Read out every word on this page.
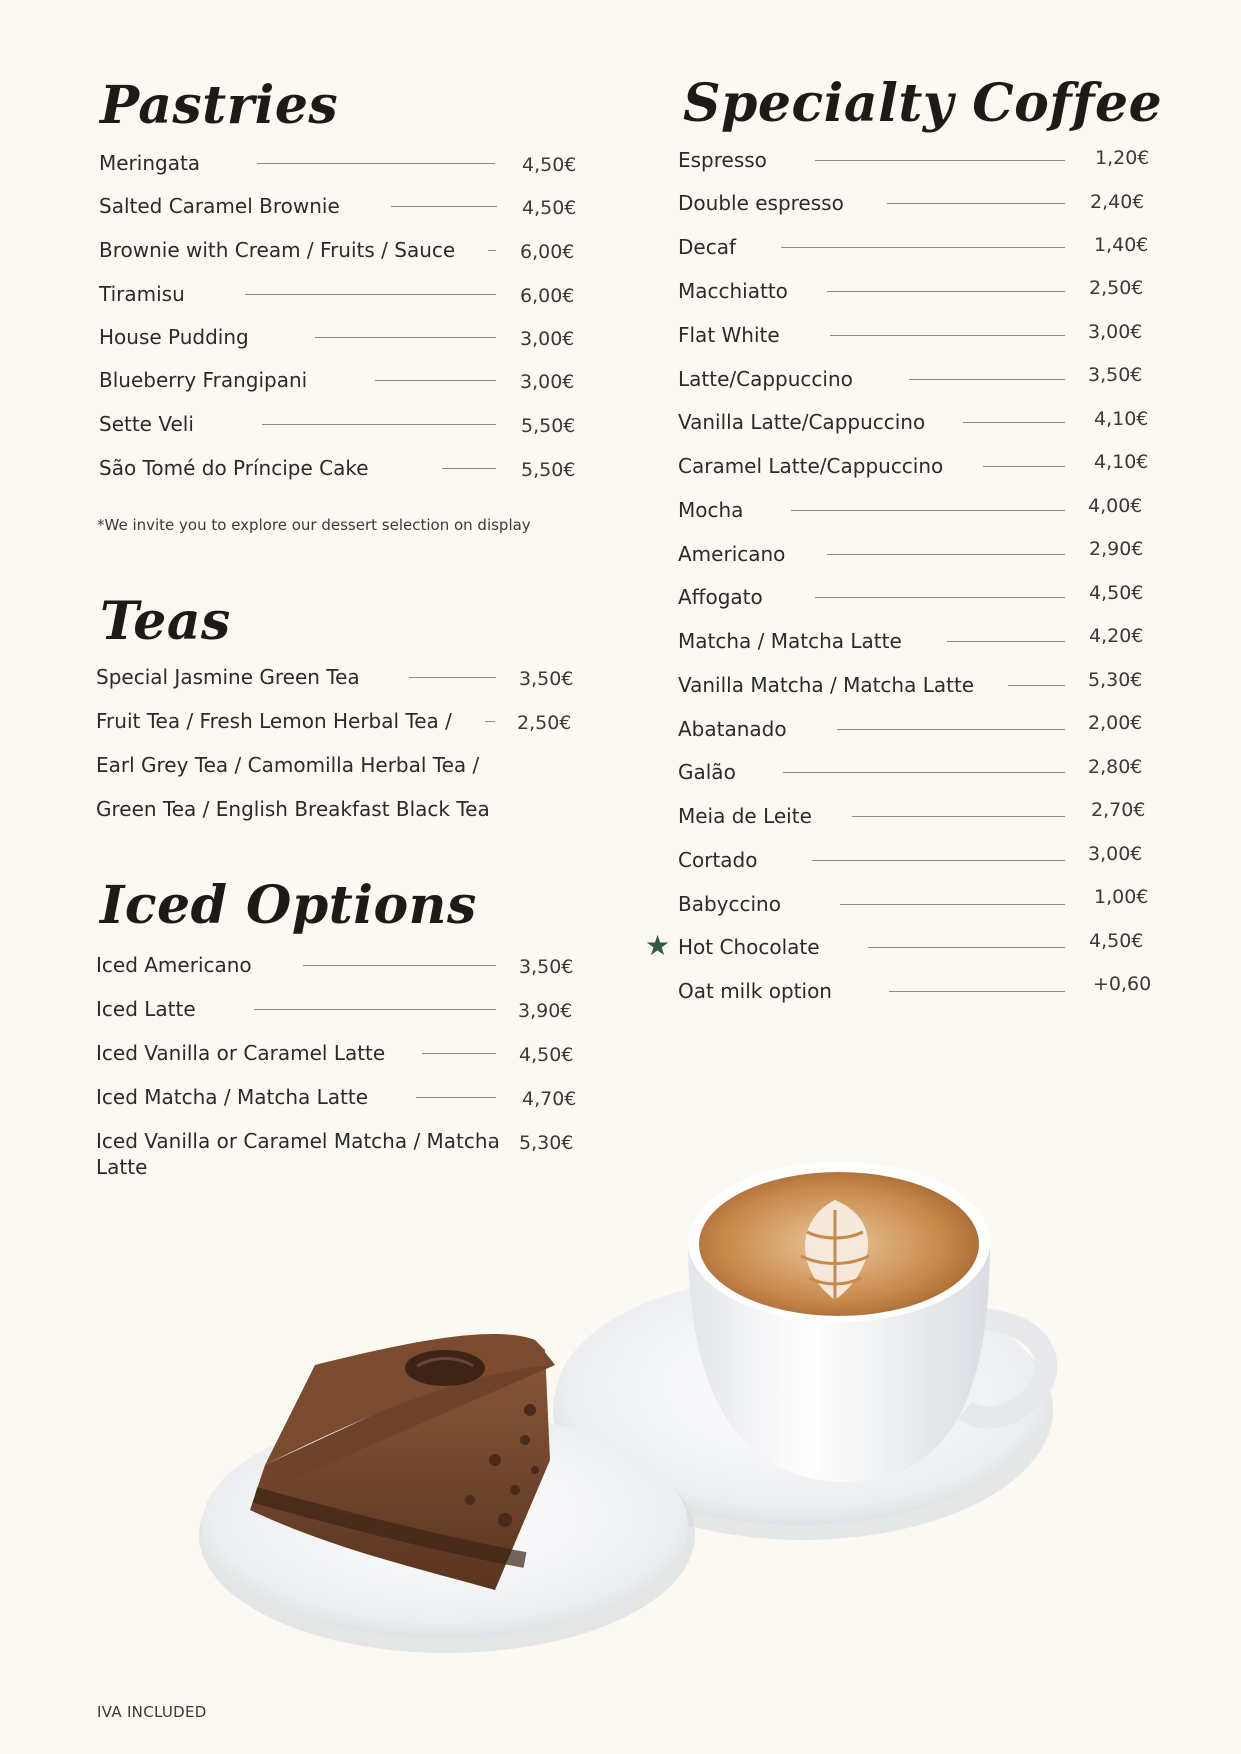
Pastries
Teas
Iced Options
Specialty Coffee
Meringata	4,50€
Salted Caramel Brownie	4,50€
Brownie with Cream / Fruits / Sauce	6,00€
Tiramisu	6,00€
House Pudding	3,00€
Blueberry Frangipani	3,00€
Sette Veli	5,50€
São Tomé do Príncipe Cake	5,50€
*We invite you to explore our dessert selection on display
Special Jasmine Green Tea	3,50€
Fruit Tea / Fresh Lemon Herbal Tea /	2,50€
Earl Grey Tea / Camomilla Herbal Tea /
Green Tea / English Breakfast Black Tea
Iced Americano	3,50€
Iced Latte	3,90€
Iced Vanilla or Caramel Latte	4,50€
Iced Matcha / Matcha Latte	4,70€
Iced Vanilla or Caramel Matcha / Matcha 5,30€
Latte
Espresso	1,20€
Double espresso	2,40€
Decaf	1,40€
Macchiatto	2,50€
Flat White	3,00€
Latte/Cappuccino	3,50€
Vanilla Latte/Cappuccino	4,10€
Caramel Latte/Cappuccino	4,10€
Mocha	4,00€
Americano	2,90€
Affogato	4,50€
Matcha / Matcha Latte	4,20€
Vanilla Matcha / Matcha Latte	5,30€
Abatanado	2,00€
Galão	2,80€
Meia de Leite	2,70€
Cortado	3,00€
Babyccino	1,00€
Hot Chocolate	4,50€
Oat milk option	+0,60
★
IVA INCLUDED
